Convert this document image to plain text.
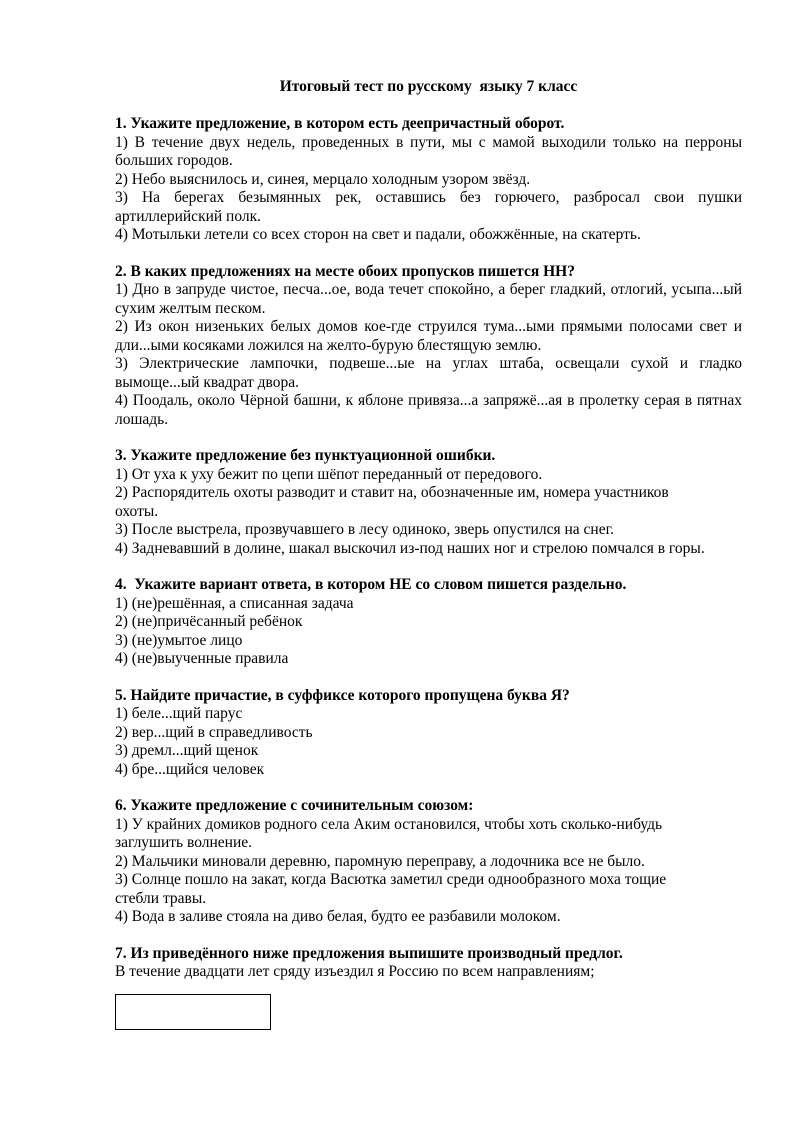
Итоговый тест по русскому  языку 7 класс
1. Укажите предложение, в котором есть деепричастный оборот.
1) В течение двух недель, проведенных в пути, мы с мамой выходили только на перроны больших городов.
2) Небо выяснилось и, синея, мерцало холодным узором звёзд.
3) На берегах безымянных рек, оставшись без горючего, разбросал свои пушки артиллерийский полк.
4) Мотыльки летели со всех сторон на свет и падали, обожжённые, на скатерть.
2. В каких предложениях на месте обоих пропусков пишется НН?
1) Дно в запруде чистое, песча...ое, вода течет спокойно, а берег гладкий, отлогий, усыпа...ый сухим желтым песком.
2) Из окон низеньких белых домов кое-где струился тума...ыми прямыми полосами свет и дли...ыми косяками ложился на желто-бурую блестящую землю.
3) Электрические лампочки, подвеше...ые на углах штаба, освещали сухой и гладко вымоще...ый квадрат двора.
4) Поодаль, около Чёрной башни, к яблоне привяза...а запряжё...ая в пролетку серая в пятнах лошадь.
3. Укажите предложение без пунктуационной ошибки.
1) От уха к уху бежит по цепи шёпот переданный от передового.
2) Распорядитель охоты разводит и ставит на, обозначенные им, номера участников охоты.
3) После выстрела, прозвучавшего в лесу одиноко, зверь опустился на снег.
4) Задневавший в долине, шакал выскочил из-под наших ног и стрелою помчался в горы.
4.  Укажите вариант ответа, в котором НЕ со словом пишется раздельно.
1) (не)решённая, а списанная задача
2) (не)причёсанный ребёнок
3) (не)умытое лицо
4) (не)выученные правила
5. Найдите причастие, в суффиксе которого пропущена буква Я?
1) беле...щий парус
2) вер...щий в справедливость
3) дремл...щий щенок
4) бре...щийся человек
6. Укажите предложение с сочинительным союзом:
1) У крайних домиков родного села Аким остановился, чтобы хоть сколько-нибудь заглушить волнение.
2) Мальчики миновали деревню, паромную переправу, а лодочника все не было.
3) Солнце пошло на закат, когда Васютка заметил среди однообразного моха тощие стебли травы.
4) Вода в заливе стояла на диво белая, будто ее разбавили молоком.
7. Из приведённого ниже предложения выпишите производный предлог.
В течение двадцати лет сряду изъездил я Россию по всем направлениям;
